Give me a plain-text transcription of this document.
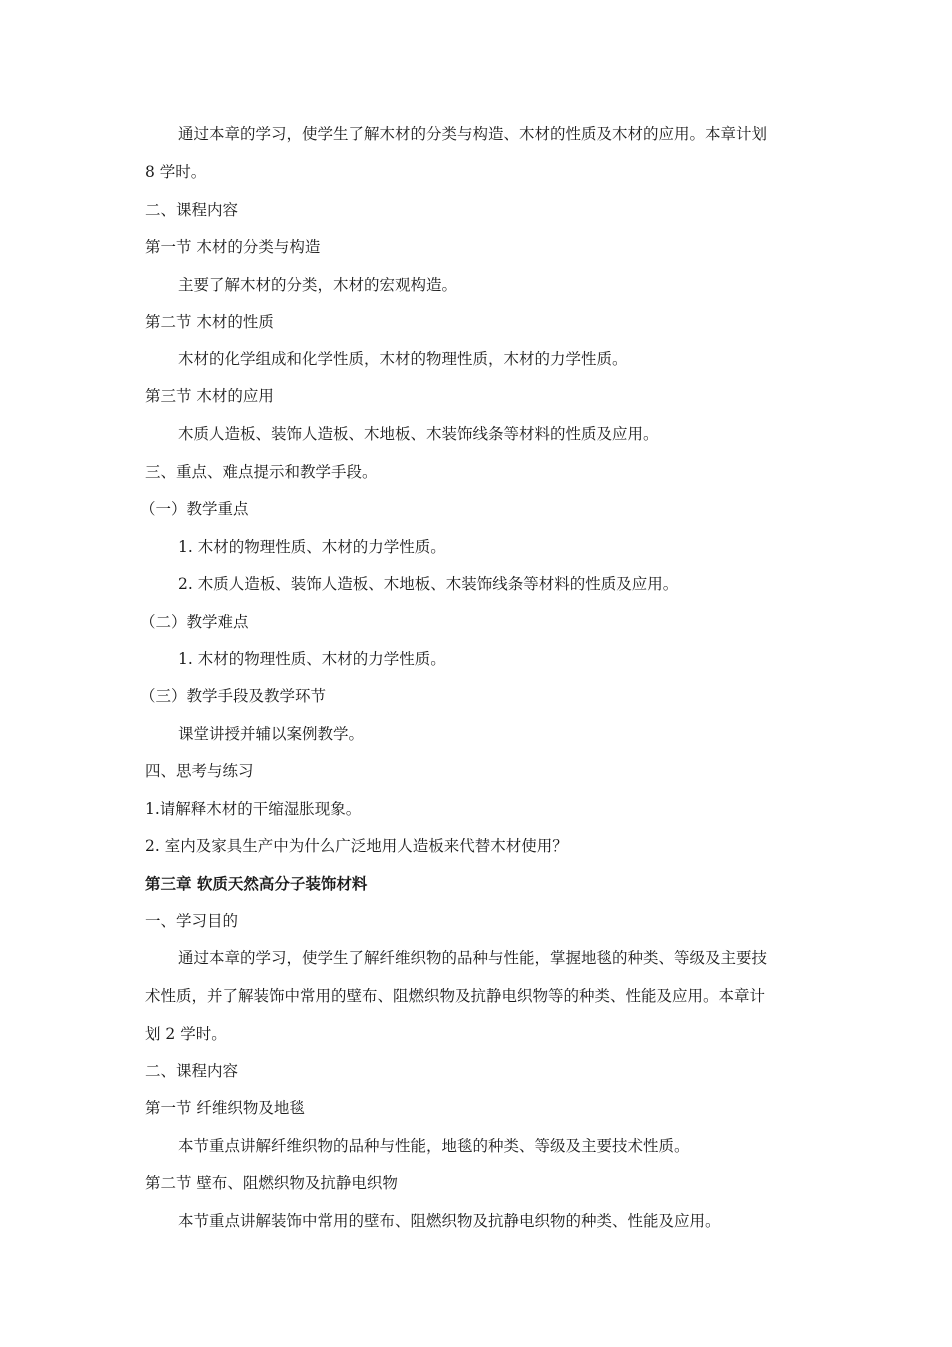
通过本章的学习，使学生了解木材的分类与构造、木材的性质及木材的应用。本章计划
8 学时。
二、课程内容
第一节 木材的分类与构造
主要了解木材的分类，木材的宏观构造。
第二节 木材的性质
木材的化学组成和化学性质，木材的物理性质，木材的力学性质。
第三节 木材的应用
木质人造板、装饰人造板、木地板、木装饰线条等材料的性质及应用。
三、重点、难点提示和教学手段。
（一）教学重点
1. 木材的物理性质、木材的力学性质。
2. 木质人造板、装饰人造板、木地板、木装饰线条等材料的性质及应用。
（二）教学难点
1. 木材的物理性质、木材的力学性质。
（三）教学手段及教学环节
课堂讲授并辅以案例教学。
四、思考与练习
1.请解释木材的干缩湿胀现象。
2. 室内及家具生产中为什么广泛地用人造板来代替木材使用？
第三章 软质天然高分子装饰材料
一、学习目的
通过本章的学习，使学生了解纤维织物的品种与性能，掌握地毯的种类、等级及主要技
术性质，并了解装饰中常用的壁布、阻燃织物及抗静电织物等的种类、性能及应用。本章计
划 2 学时。
二、课程内容
第一节 纤维织物及地毯
本节重点讲解纤维织物的品种与性能，地毯的种类、等级及主要技术性质。
第二节 壁布、阻燃织物及抗静电织物
本节重点讲解装饰中常用的壁布、阻燃织物及抗静电织物的种类、性能及应用。
